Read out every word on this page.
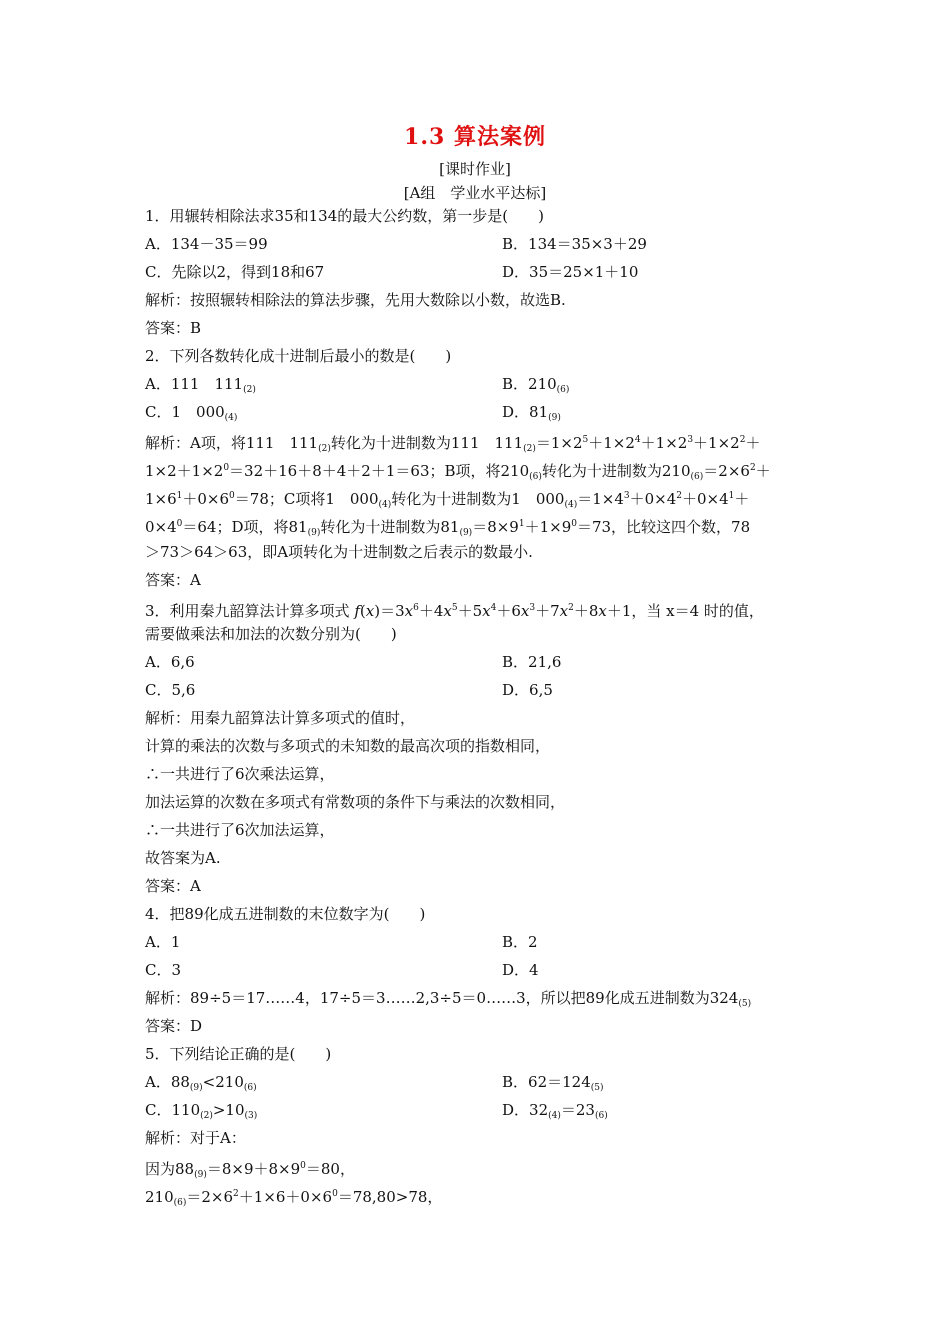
1.3 算法案例
[课时作业]
[A组　学业水平达标]
1．用辗转相除法求35和134的最大公约数，第一步是(　　)
A．134－35＝99	B．134＝35×3＋29
C．先除以2，得到18和67	D．35＝25×1＋10
解析：按照辗转相除法的算法步骤，先用大数除以小数，故选B.
答案：B
2．下列各数转化成十进制后最小的数是(　　)
A．111　$111_{(2)}$	B．$210_{(6)}$
C．1　$000_{(4)}$	D．$81_{(9)}$
解析：A项，将111　$111_{(2)}$转化为十进制数为111　$111_{(2)}=1\times 2^5+1\times 2^4+1\times 2^3+1\times 2^2+$
$1\times 2+1\times 2^0=32+16+8+4+2+1=63$；B项，将$210_{(6)}$转化为十进制数为$210_{(6)}=2\times 6^2+$
$1\times 6^1+0\times 6^0=78$；C项将1　$000_{(4)}$转化为十进制数为1　$000_{(4)}=1\times 4^3+0\times 4^2+0\times 4^1+$
$0\times 4^0=64$；D项，将$81_{(9)}$转化为十进制数为$81_{(9)}=8\times 9^1+1\times 9^0=73$，比较这四个数，78
＞73＞64＞63，即A项转化为十进制数之后表示的数最小.
答案：A
3．利用秦九韶算法计算多项式 $f(x)=3x^6+4x^5+5x^4+6x^3+7x^2+8x+1$，当 x＝4 时的值，
需要做乘法和加法的次数分别为(　　)
A．6,6	B．21,6
C．5,6	D．6,5
解析：用秦九韶算法计算多项式的值时，
计算的乘法的次数与多项式的未知数的最高次项的指数相同，
∴一共进行了6次乘法运算，
加法运算的次数在多项式有常数项的条件下与乘法的次数相同，
∴一共进行了6次加法运算，
故答案为A.
答案：A
4．把89化成五进制数的末位数字为(　　)
A．1	B．2
C．3	D．4
解析：89÷5＝17……4，17÷5＝3……2,3÷5＝0……3，所以把89化成五进制数为$324_{(5)}$
答案：D
5．下列结论正确的是(　　)
A．$88_{(9)}<210_{(6)}$	B．$62=124_{(5)}$
C．$110_{(2)}>10_{(3)}$	D．$32_{(4)}=23_{(6)}$
解析：对于A：
因为$88_{(9)}=8\times 9+8\times 9^0=80$，
$210_{(6)}=2\times 6^2+1\times 6+0\times 6^0=78,80>78$，
